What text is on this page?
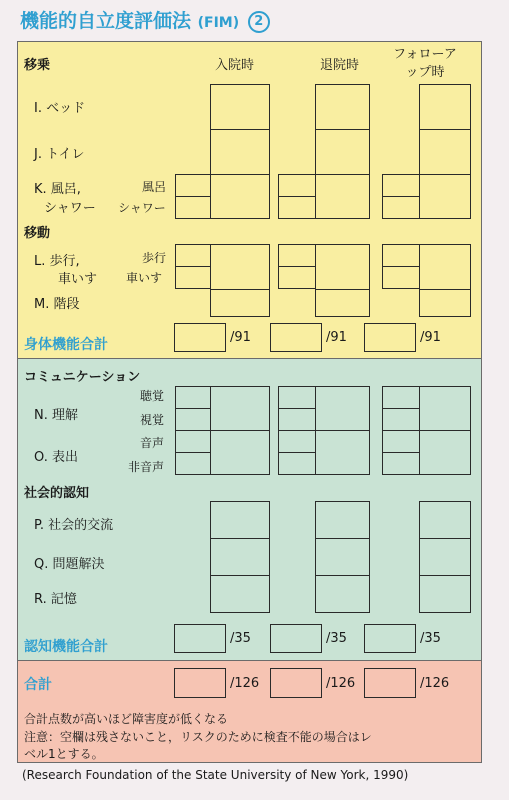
機能的自立度評価法 (FIM) 2
入院時	退院時
フォローアップ時
移乗
I. ベッド
J. トイレ
K. 風呂,
シャワー
風呂
シャワー
移動
L. 歩行,
車いす
歩行
車いす
M. 階段
身体機能合計
コミュニケーション
N. 理解
聴覚
視覚
O. 表出
音声
非音声
社会的認知
P. 社会的交流
Q. 問題解決
R. 記憶
認知機能合計
合計
合計点数が高いほど障害度が低くなる
注意：空欄は残さないこと，リスクのために検査不能の場合はレ
ベル1とする。
/91
/35
/126
/91
/35
/126
/91
/35
/126
(Research Foundation of the State University of New York, 1990)
